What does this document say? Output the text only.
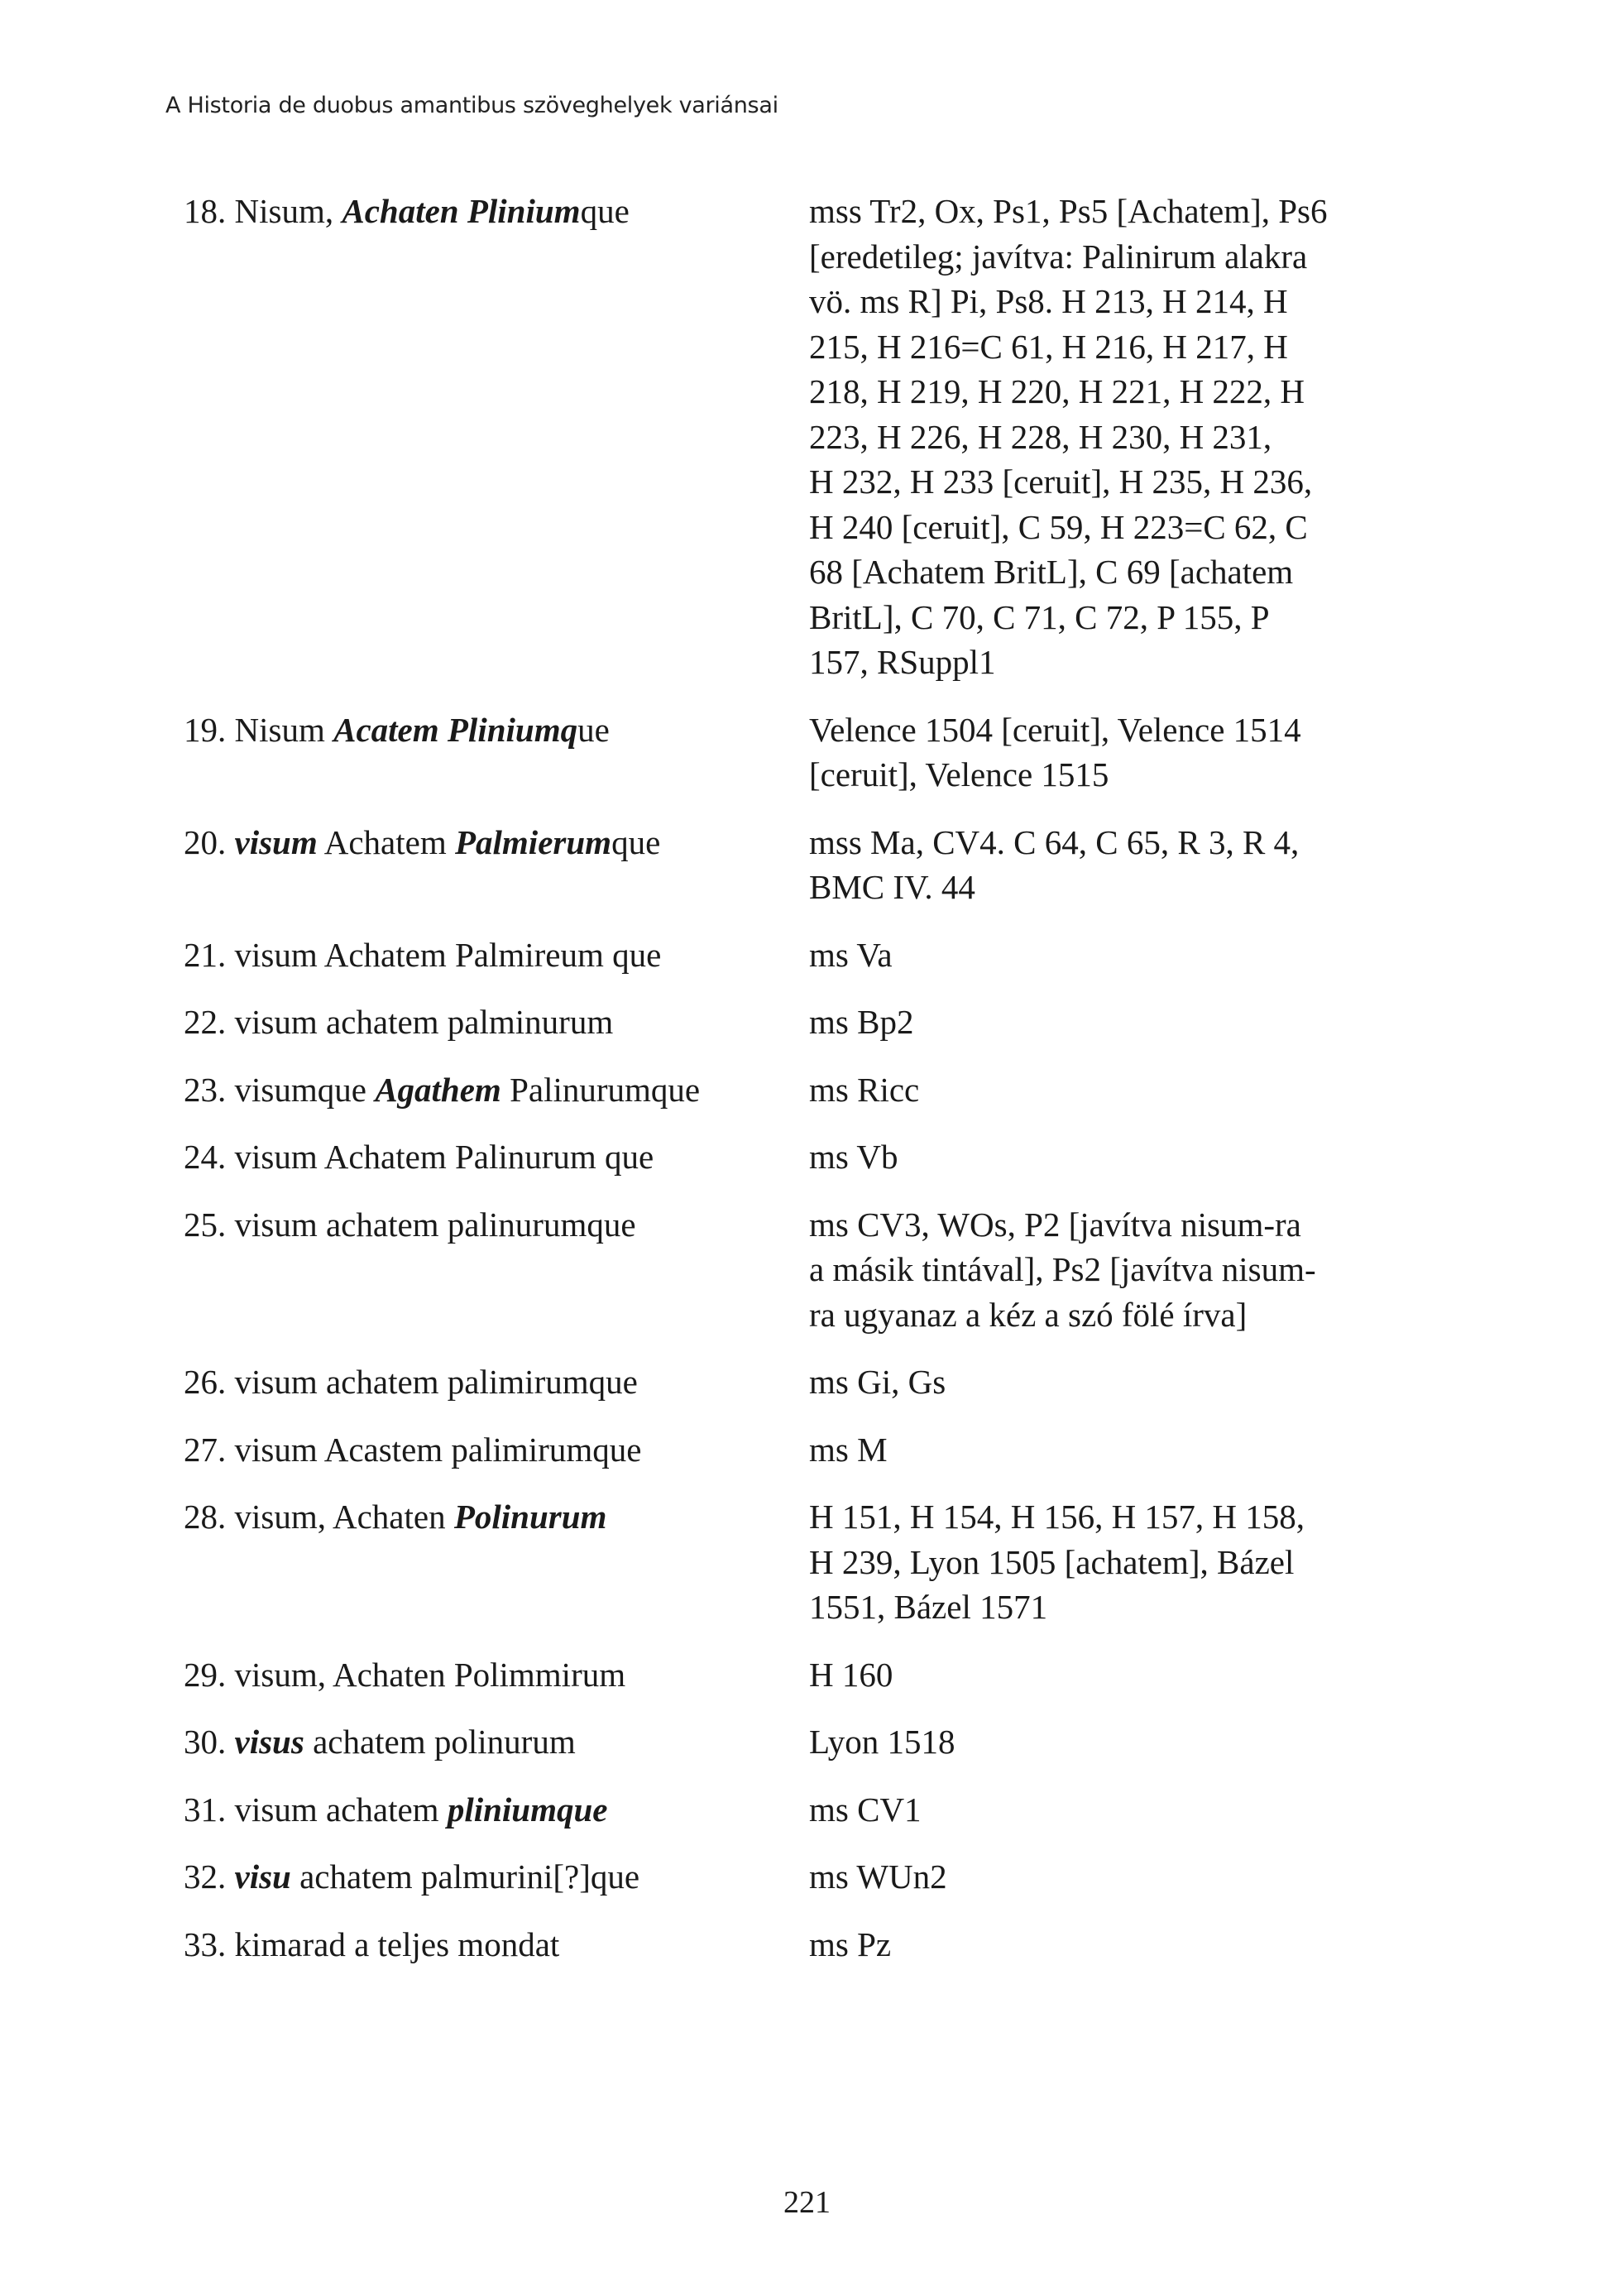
A Historia de duobus amantibus szöveghelyek variánsai
18. Nisum, Achaten Pliniumque	mss Tr2, Ox, Ps1, Ps5 [Achatem], Ps6
[eredetileg; javítva: Palinirum alakra
vö. ms R] Pi, Ps8. H 213, H 214, H
215, H 216=C 61, H 216, H 217, H
218, H 219, H 220, H 221, H 222, H
223, H 226, H 228, H 230, H 231,
H 232, H 233 [ceruit], H 235, H 236,
H 240 [ceruit], C 59, H 223=C 62, C
68 [Achatem BritL], C 69 [achatem
BritL], C 70, C 71, C 72, P 155, P
157, RSuppl1
19. Nisum Acatem Pliniumque	Velence 1504 [ceruit], Velence 1514
[ceruit], Velence 1515
20. visum Achatem Palmierumque	mss Ma, CV4. C 64, C 65, R 3, R 4,
BMC IV. 44
21. visum Achatem Palmireum que	ms Va
22. visum achatem palminurum	ms Bp2
23. visumque Agathem Palinurumque	ms Ricc
24. visum Achatem Palinurum que	ms Vb
25. visum achatem palinurumque	ms CV3, WOs, P2 [javítva nisum-ra
a másik tintával], Ps2 [javítva nisum-
ra ugyanaz a kéz a szó fölé írva]
26. visum achatem palimirumque	ms Gi, Gs
27. visum Acastem palimirumque	ms M
28. visum, Achaten Polinurum	H 151, H 154, H 156, H 157, H 158,
H 239, Lyon 1505 [achatem], Bázel
1551, Bázel 1571
29. visum, Achaten Polimmirum	H 160
30. visus achatem polinurum	Lyon 1518
31. visum achatem pliniumque	ms CV1
32. visu achatem palmurini[?]que	ms WUn2
33. kimarad a teljes mondat	ms Pz
221
